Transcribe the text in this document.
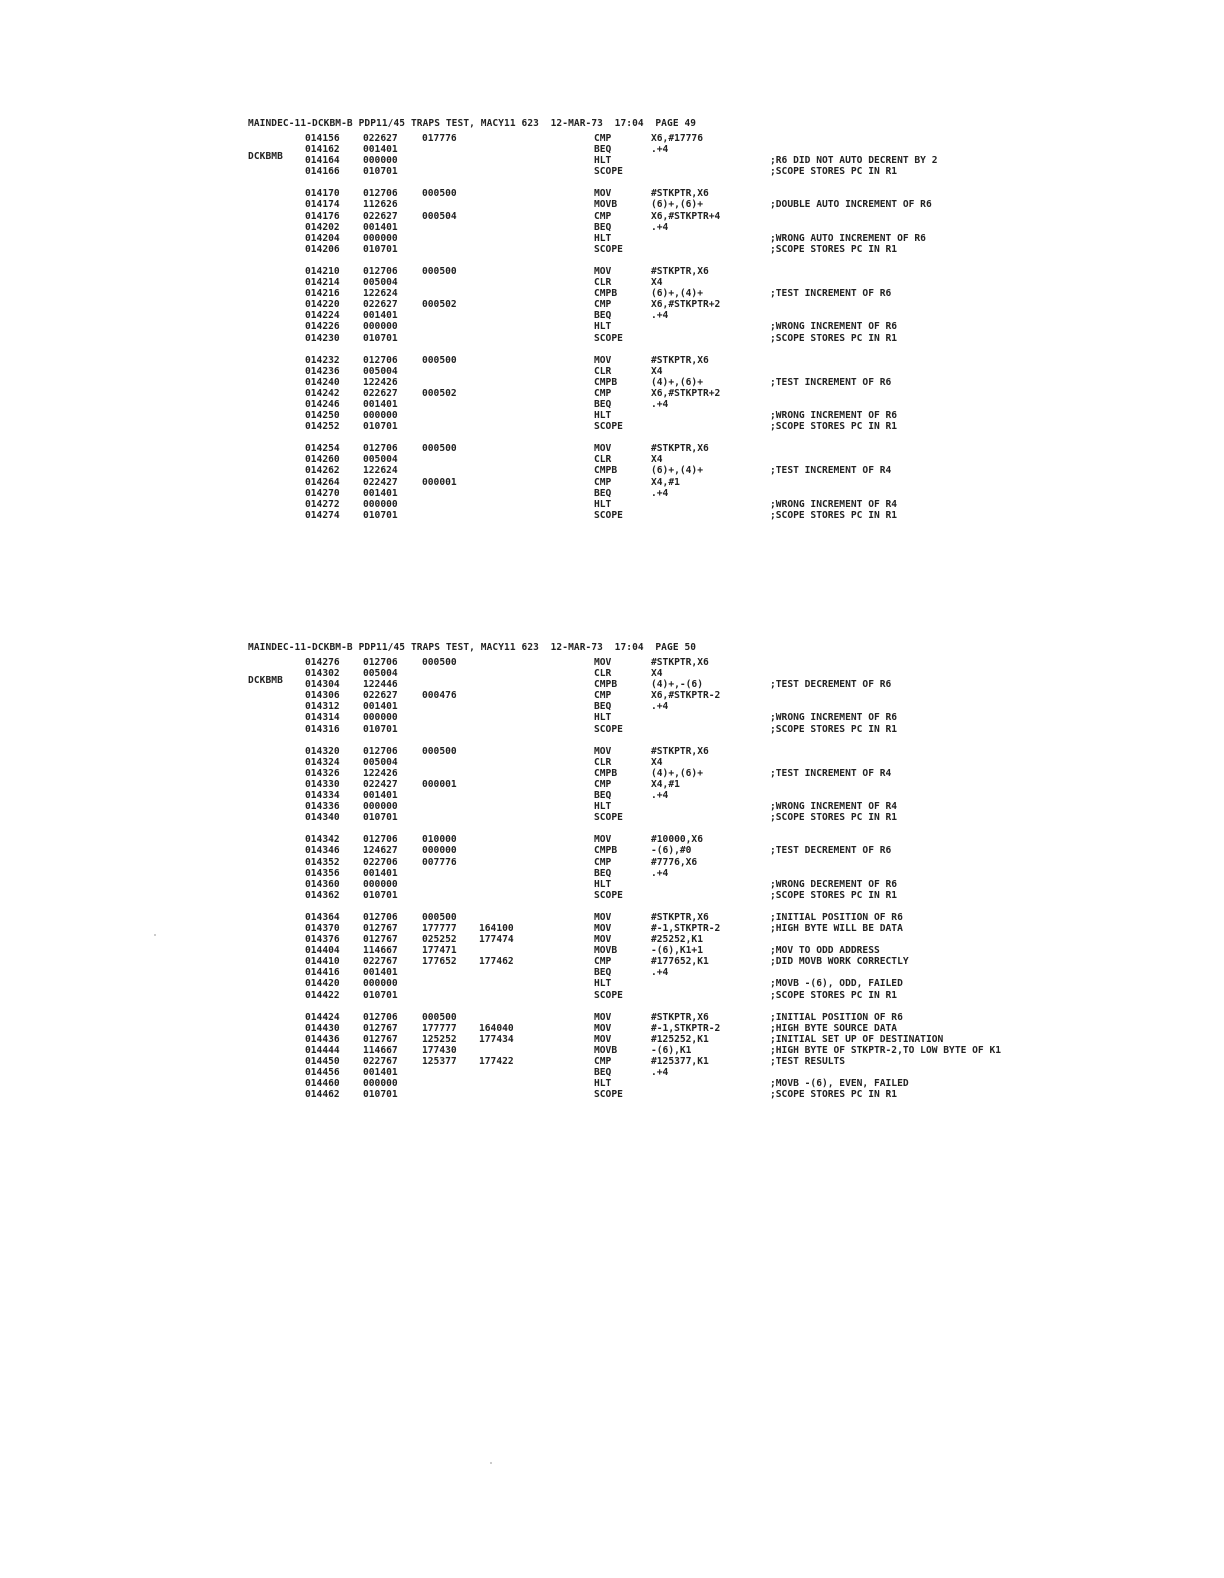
MAINDEC-11-DCKBM-B PDP11/45 TRAPS TEST, MACY11 623  12-MAR-73  17:04  PAGE 49

DCKBMB

014156 022627	017776	CMP	X6,#17776
014162 001401	BEQ	.+4
014164 000000	HLT	;R6 DID NOT AUTO DECRENT BY 2
014166 010701	SCOPE	;SCOPE STORES PC IN R1
014170 012706	000500	MOV	#STKPTR,X6
014174 112626	MOVB	(6)+,(6)+	;DOUBLE AUTO INCREMENT OF R6
014176 022627	000504	CMP	X6,#STKPTR+4
014202 001401	BEQ	.+4
014204 000000	HLT	;WRONG AUTO INCREMENT OF R6
014206 010701	SCOPE	;SCOPE STORES PC IN R1
014210 012706	000500	MOV	#STKPTR,X6
014214 005004	CLR	X4
014216 122624	CMPB	(6)+,(4)+	;TEST INCREMENT OF R6
014220 022627	000502	CMP	X6,#STKPTR+2
014224 001401	BEQ	.+4
014226 000000	HLT	;WRONG INCREMENT OF R6
014230 010701	SCOPE	;SCOPE STORES PC IN R1
014232 012706	000500	MOV	#STKPTR,X6
014236 005004	CLR	X4
014240 122426	CMPB	(4)+,(6)+	;TEST INCREMENT OF R6
014242 022627	000502	CMP	X6,#STKPTR+2
014246 001401	BEQ	.+4
014250 000000	HLT	;WRONG INCREMENT OF R6
014252 010701	SCOPE	;SCOPE STORES PC IN R1
014254 012706	000500	MOV	#STKPTR,X6
014260 005004	CLR	X4
014262 122624	CMPB	(6)+,(4)+	;TEST INCREMENT OF R4
014264 022427	000001	CMP	X4,#1
014270 001401	BEQ	.+4
014272 000000	HLT	;WRONG INCREMENT OF R4
014274 010701	SCOPE	;SCOPE STORES PC IN R1

MAINDEC-11-DCKBM-B PDP11/45 TRAPS TEST, MACY11 623  12-MAR-73  17:04  PAGE 50

DCKBMB

014276 012706	000500	MOV	#STKPTR,X6
014302 005004	CLR	X4
014304 122446	CMPB	(4)+,-(6)	;TEST DECREMENT OF R6
014306 022627	000476	CMP	X6,#STKPTR-2
014312 001401	BEQ	.+4
014314 000000	HLT	;WRONG INCREMENT OF R6
014316 010701	SCOPE	;SCOPE STORES PC IN R1
014320 012706	000500	MOV	#STKPTR,X6
014324 005004	CLR	X4
014326 122426	CMPB	(4)+,(6)+	;TEST INCREMENT OF R4
014330 022427	000001	CMP	X4,#1
014334 001401	BEQ	.+4
014336 000000	HLT	;WRONG INCREMENT OF R4
014340 010701	SCOPE	;SCOPE STORES PC IN R1
014342 012706	010000	MOV	#10000,X6
014346 124627	000000	CMPB	-(6),#0	;TEST DECREMENT OF R6
014352 022706	007776	CMP	#7776,X6
014356 001401	BEQ	.+4
014360 000000	HLT	;WRONG DECREMENT OF R6
014362 010701	SCOPE	;SCOPE STORES PC IN R1
014364 012706	000500	MOV	#STKPTR,X6	;INITIAL POSITION OF R6
014370 012767	177777 164100	MOV	#-1,STKPTR-2	;HIGH BYTE WILL BE DATA
014376 012767	025252 177474	MOV	#25252,K1
014404 114667	177471	MOVB	-(6),K1+1	;MOV TO ODD ADDRESS
014410 022767	177652 177462	CMP	#177652,K1	;DID MOVB WORK CORRECTLY
014416 001401	BEQ	.+4
014420 000000	HLT	;MOVB -(6), ODD, FAILED
014422 010701	SCOPE	;SCOPE STORES PC IN R1
014424 012706	000500	MOV	#STKPTR,X6	;INITIAL POSITION OF R6
014430 012767	177777 164040	MOV	#-1,STKPTR-2	;HIGH BYTE SOURCE DATA
014436 012767	125252 177434	MOV	#125252,K1	;INITIAL SET UP OF DESTINATION
014444 114667	177430	MOVB	-(6),K1	;HIGH BYTE OF STKPTR-2,TO LOW BYTE OF K1
014450 022767	125377 177422	CMP	#125377,K1	;TEST RESULTS
014456 001401	BEQ	.+4
014460 000000	HLT	;MOVB -(6), EVEN, FAILED
014462 010701	SCOPE	;SCOPE STORES PC IN R1
